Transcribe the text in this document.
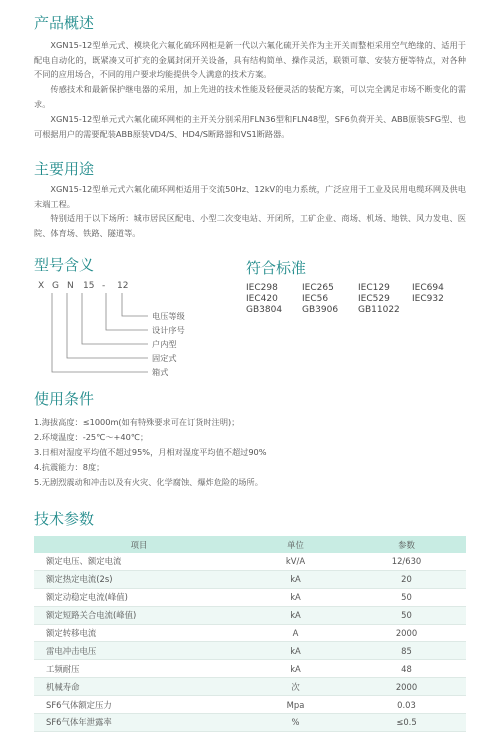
产品概述

XGN15-12型单元式、模块化六氟化硫环网柜是新一代以六氟化硫开关作为主开关而整柜采用空气绝缘的、适用于配电自动化的，既紧凑又可扩充的金属封闭开关设备，具有结构简单、操作灵活，联锁可靠、安装方便等特点，对各种不同的应用场合，不同的用户要求均能提供令人满意的技术方案。

传感技术和最新保护继电器的采用，加上先进的技术性能及轻便灵活的装配方案，可以完全满足市场不断变化的需求。

XGN15-12型单元式六氟化硫环网柜的主开关分别采用FLN36型和FLN48型，SF6负荷开关、ABB原装SFG型、也可根据用户的需要配装ABB原装VD4/S、HD4/S断路器和VS1断路器。

主要用途

XGN15-12型单元式六氟化硫环网柜适用于交流50Hz、12kV的电力系统，广泛应用于工业及民用电缆环网及供电末端工程。

特别适用于以下场所：城市居民区配电、小型二次变电站、开闭所，工矿企业、商场、机场、地铁、风力发电、医院、体育场、铁路、隧道等。

型号含义
X G N 15 - 12
电压等级
设计序号
户内型
固定式
箱式
符合标准
IEC298	IEC265	IEC129	IEC694
IEC420	IEC56	IEC529	IEC932
GB3804	GB3906	GB11022
使用条件

1.海拔高度：≤1000m(如有特殊要求可在订货时注明)；

2.环境温度：-25℃～+40℃；

3.日相对湿度平均值不超过95%，月相对湿度平均值不超过90%

4.抗震能力：8度；

5.无剧烈震动和冲击以及有火灾、化学腐蚀、爆炸危险的场所。

技术参数
项目	单位	参数
额定电压、额定电流	kV/A	12/630
额定热定电流(2s)	kA	20
额定动稳定电流(峰值)	kA	50
额定短路关合电流(峰值)	kA	50
额定转移电流	A	2000
雷电冲击电压	kA	85
工频耐压	kA	48
机械寿命	次	2000
SF6气体额定压力	Mpa	0.03
SF6气体年泄露率	%	≤0.5
